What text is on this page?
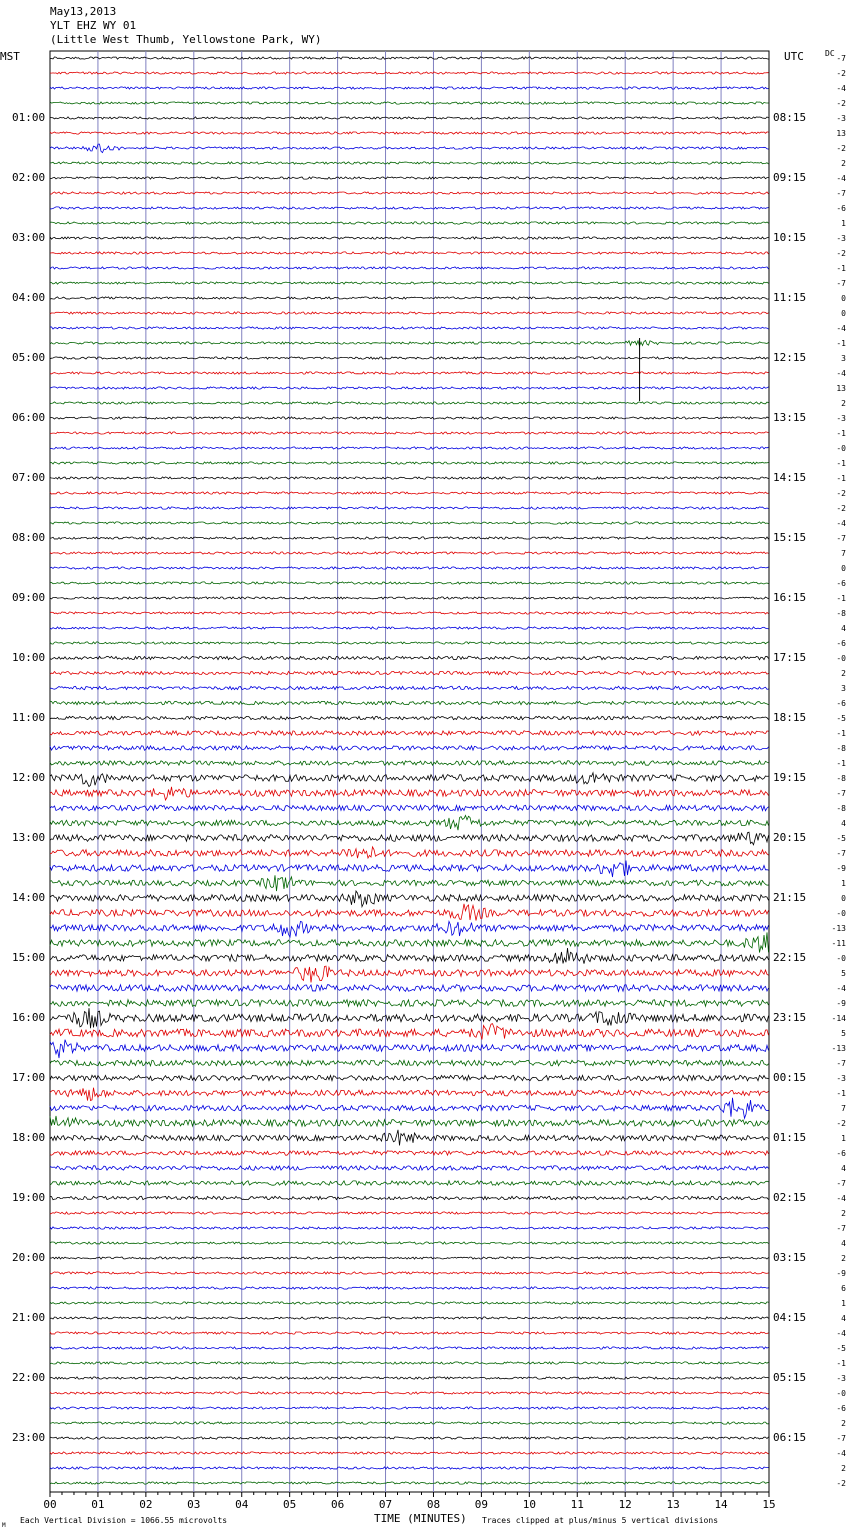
May13,2013
YLT EHZ WY 01
(Little West Thumb, Yellowstone Park, WY)
MST	UTC	DC
00	01	02	03	04	05	06	07	08	09	10	11	12	13	14	15
01:00
02:00
03:00
04:00
05:00
06:00
07:00
08:00
09:00
10:00
11:00
12:00
13:00
14:00
15:00
16:00
17:00
18:00
19:00
20:00
21:00
22:00
23:00
08:15
09:15
10:15
11:15
12:15
13:15
14:15
15:15
16:15
17:15
18:15
19:15
20:15
21:15
22:15
23:15
00:15
01:15
02:15
03:15
04:15
05:15
06:15
-7
-2
-4
-2
-3
13
-2
2
-4
-7
-6
1
-3
-2
-1
-7
0
0
-4
-1
3
-4
13
2
-3
-1
-0
-1
-1
-2
-2
-4
-7
7
0
-6
-1
-8
4
-6
-0
2
3
-6
-5
-1
-8
-1
-8
-7
-8
4
-5
-7
-9
1
0
-0
-13
-11
-0
5
-4
-9
-14
5
-13
-7
-3
-1
7
-2
1
-6
4
-7
-4
2
-7
4
2
-9
6
1
4
-4
-5
-1
-3
-0
-6
2
-7
-4
2
-2
M
Each Vertical Division = 1066.55 microvolts	TIME (MINUTES) Traces clipped at plus/minus 5 vertical divisions
